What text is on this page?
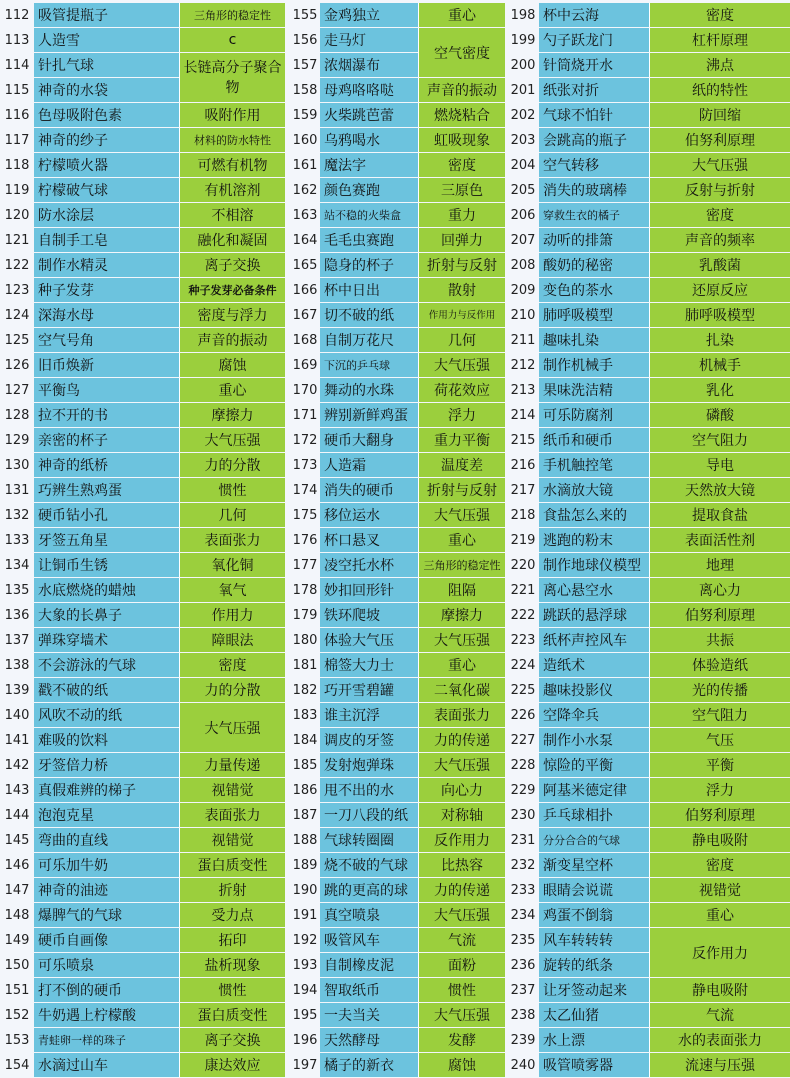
112	吸管提瓶子	三角形的稳定性
113	人造雪	c
114	针扎气球	长链高分子聚合物
115	神奇的水袋	
116	色母吸附色素	吸附作用
117	神奇的纱子	材料的防水特性
118	柠檬喷火器	可燃有机物
119	柠檬破气球	有机溶剂
120	防水涂层	不相溶
121	自制手工皂	融化和凝固
122	制作水精灵	离子交换
123	种子发芽	种子发芽必备条件
124	深海水母	密度与浮力
125	空气号角	声音的振动
126	旧币焕新	腐蚀
127	平衡鸟	重心
128	拉不开的书	摩擦力
129	亲密的杯子	大气压强
130	神奇的纸桥	力的分散
131	巧辨生熟鸡蛋	惯性
132	硬币钻小孔	几何
133	牙签五角星	表面张力
134	让铜币生锈	氧化铜
135	水底燃烧的蜡烛	氧气
136	大象的长鼻子	作用力
137	弹珠穿墙术	障眼法
138	不会游泳的气球	密度
139	戳不破的纸	力的分散
140	风吹不动的纸	大气压强
141	难吸的饮料	
142	牙签倍力桥	力量传递
143	真假难辨的梯子	视错觉
144	泡泡克星	表面张力
145	弯曲的直线	视错觉
146	可乐加牛奶	蛋白质变性
147	神奇的油迹	折射
148	爆脾气的气球	受力点
149	硬币自画像	拓印
150	可乐喷泉	盐析现象
151	打不倒的硬币	惯性
152	牛奶遇上柠檬酸	蛋白质变性
153	青蛙卵一样的珠子	离子交换
154	水滴过山车	康达效应
155	金鸡独立	重心
156	走马灯	空气密度
157	浓烟瀑布	
158	母鸡咯咯哒	声音的振动
159	火柴跳芭蕾	燃烧粘合
160	乌鸦喝水	虹吸现象
161	魔法字	密度
162	颜色赛跑	三原色
163	站不稳的火柴盒	重力
164	毛毛虫赛跑	回弹力
165	隐身的杯子	折射与反射
166	杯中日出	散射
167	切不破的纸	作用力与反作用
168	自制万花尺	几何
169	下沉的乒乓球	大气压强
170	舞动的水珠	荷花效应
171	辨别新鲜鸡蛋	浮力
172	硬币大翻身	重力平衡
173	人造霜	温度差
174	消失的硬币	折射与反射
175	移位运水	大气压强
176	杯口悬叉	重心
177	凌空托水杯	三角形的稳定性
178	妙扣回形针	阻隔
179	铁环爬坡	摩擦力
180	体验大气压	大气压强
181	棉签大力士	重心
182	巧开雪碧罐	二氧化碳
183	谁主沉浮	表面张力
184	调皮的牙签	力的传递
185	发射炮弹珠	大气压强
186	甩不出的水	向心力
187	一刀八段的纸	对称轴
188	气球转圈圈	反作用力
189	烧不破的气球	比热容
190	跳的更高的球	力的传递
191	真空喷泉	大气压强
192	吸管风车	气流
193	自制橡皮泥	面粉
194	智取纸币	惯性
195	一夫当关	大气压强
196	天然酵母	发酵
197	橘子的新衣	腐蚀
198	杯中云海	密度
199	勺子跃龙门	杠杆原理
200	针筒烧开水	沸点
201	纸张对折	纸的特性
202	气球不怕针	防回缩
203	会跳高的瓶子	伯努利原理
204	空气转移	大气压强
205	消失的玻璃棒	反射与折射
206	穿救生衣的橘子	密度
207	动听的排箫	声音的频率
208	酸奶的秘密	乳酸菌
209	变色的茶水	还原反应
210	肺呼吸模型	肺呼吸模型
211	趣味扎染	扎染
212	制作机械手	机械手
213	果味洗洁精	乳化
214	可乐防腐剂	磷酸
215	纸币和硬币	空气阻力
216	手机触控笔	导电
217	水滴放大镜	天然放大镜
218	食盐怎么来的	提取食盐
219	逃跑的粉末	表面活性剂
220	制作地球仪模型	地理
221	离心悬空水	离心力
222	跳跃的悬浮球	伯努利原理
223	纸杯声控风车	共振
224	造纸术	体验造纸
225	趣味投影仪	光的传播
226	空降伞兵	空气阻力
227	制作小水泵	气压
228	惊险的平衡	平衡
229	阿基米德定律	浮力
230	乒乓球相扑	伯努利原理
231	分分合合的气球	静电吸附
232	渐变星空杯	密度
233	眼睛会说谎	视错觉
234	鸡蛋不倒翁	重心
235	风车转转转	反作用力
236	旋转的纸条	
237	让牙签动起来	静电吸附
238	太乙仙猪	气流
239	水上漂	水的表面张力
240	吸管喷雾器	流速与压强
